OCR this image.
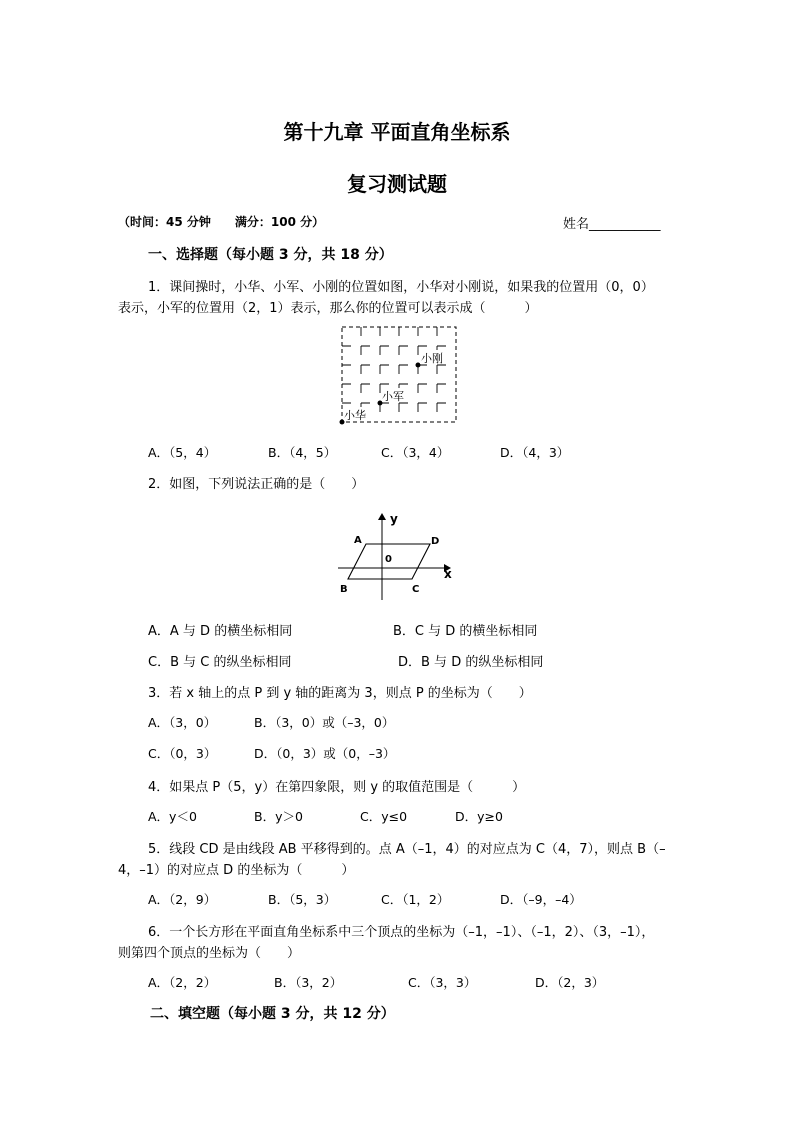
第十九章 平面直角坐标系
复习测试题
（时间：45 分钟　　满分：100 分）	姓名___________
一、选择题（每小题 3 分，共 18 分）
1．课间操时，小华、小军、小刚的位置如图，小华对小刚说，如果我的位置用（0，0）
表示，小军的位置用（2，1）表示，那么你的位置可以表示成（　　　）
小刚
小军
小华
A．（5，4）	B．（4，5）	C．（3，4）	D．（4，3）
2．如图，下列说法正确的是（　　）
y
x
A	D
B	C
0
A．A 与 D 的横坐标相同	B．C 与 D 的横坐标相同
C．B 与 C 的纵坐标相同	D．B 与 D 的纵坐标相同
3．若 x 轴上的点 P 到 y 轴的距离为 3，则点 P 的坐标为（　　）
A．（3，0）	B．（3，0）或（–3，0）
C．（0，3）	D．（0，3）或（0，–3）
4．如果点 P（5，y）在第四象限，则 y 的取值范围是（　　　）
A．y＜0	B．y＞0	C．y≤0	D．y≥0
5．线段 CD 是由线段 AB 平移得到的。点 A（–1，4）的对应点为 C（4，7），则点 B（–
4，–1）的对应点 D 的坐标为（　　　）
A．（2，9）	B．（5，3）	C．（1，2）	D．（–9，–4）
6．一个长方形在平面直角坐标系中三个顶点的坐标为（–1，–1）、（–1，2）、（3，–1），
则第四个顶点的坐标为（　　）
A．（2，2）	B．（3，2）	C．（3，3）	D．（2，3）
二、填空题（每小题 3 分，共 12 分）
